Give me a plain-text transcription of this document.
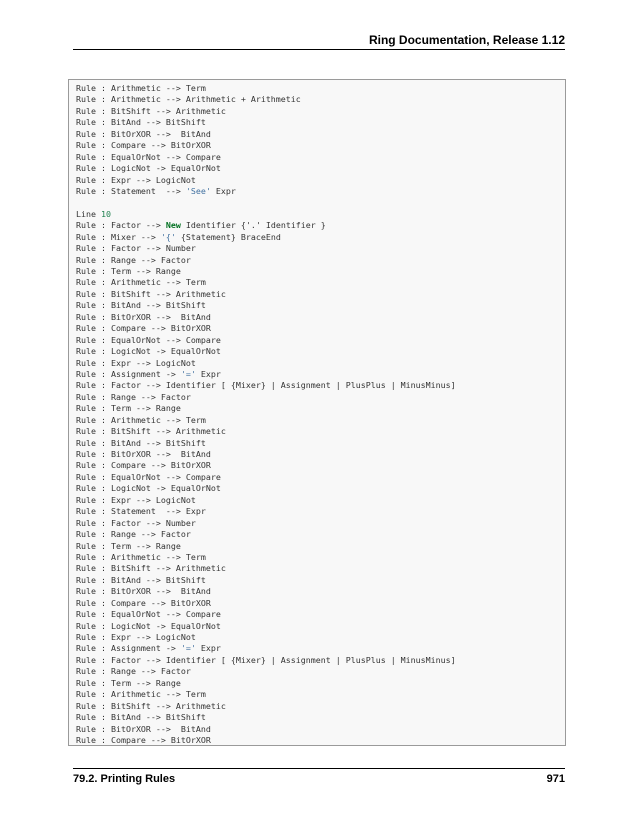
Ring Documentation, Release 1.12
Rule : Arithmetic --> Term
Rule : Arithmetic --> Arithmetic + Arithmetic
Rule : BitShift --> Arithmetic
Rule : BitAnd --> BitShift
Rule : BitOrXOR -->  BitAnd
Rule : Compare --> BitOrXOR
Rule : EqualOrNot --> Compare
Rule : LogicNot -> EqualOrNot
Rule : Expr --> LogicNot
Rule : Statement  --> 'See' Expr
Line 10
Rule : Factor --> New Identifier {'.' Identifier }
Rule : Mixer --> '{' {Statement} BraceEnd
Rule : Factor --> Number
Rule : Range --> Factor
Rule : Term --> Range
Rule : Arithmetic --> Term
Rule : BitShift --> Arithmetic
Rule : BitAnd --> BitShift
Rule : BitOrXOR -->  BitAnd
Rule : Compare --> BitOrXOR
Rule : EqualOrNot --> Compare
Rule : LogicNot -> EqualOrNot
Rule : Expr --> LogicNot
Rule : Assignment -> '=' Expr
Rule : Factor --> Identifier [ {Mixer} | Assignment | PlusPlus | MinusMinus]
Rule : Range --> Factor
Rule : Term --> Range
Rule : Arithmetic --> Term
Rule : BitShift --> Arithmetic
Rule : BitAnd --> BitShift
Rule : BitOrXOR -->  BitAnd
Rule : Compare --> BitOrXOR
Rule : EqualOrNot --> Compare
Rule : LogicNot -> EqualOrNot
Rule : Expr --> LogicNot
Rule : Statement  --> Expr
Rule : Factor --> Number
Rule : Range --> Factor
Rule : Term --> Range
Rule : Arithmetic --> Term
Rule : BitShift --> Arithmetic
Rule : BitAnd --> BitShift
Rule : BitOrXOR -->  BitAnd
Rule : Compare --> BitOrXOR
Rule : EqualOrNot --> Compare
Rule : LogicNot -> EqualOrNot
Rule : Expr --> LogicNot
Rule : Assignment -> '=' Expr
Rule : Factor --> Identifier [ {Mixer} | Assignment | PlusPlus | MinusMinus]
Rule : Range --> Factor
Rule : Term --> Range
Rule : Arithmetic --> Term
Rule : BitShift --> Arithmetic
Rule : BitAnd --> BitShift
Rule : BitOrXOR -->  BitAnd
Rule : Compare --> BitOrXOR
79.2. Printing Rules	971
